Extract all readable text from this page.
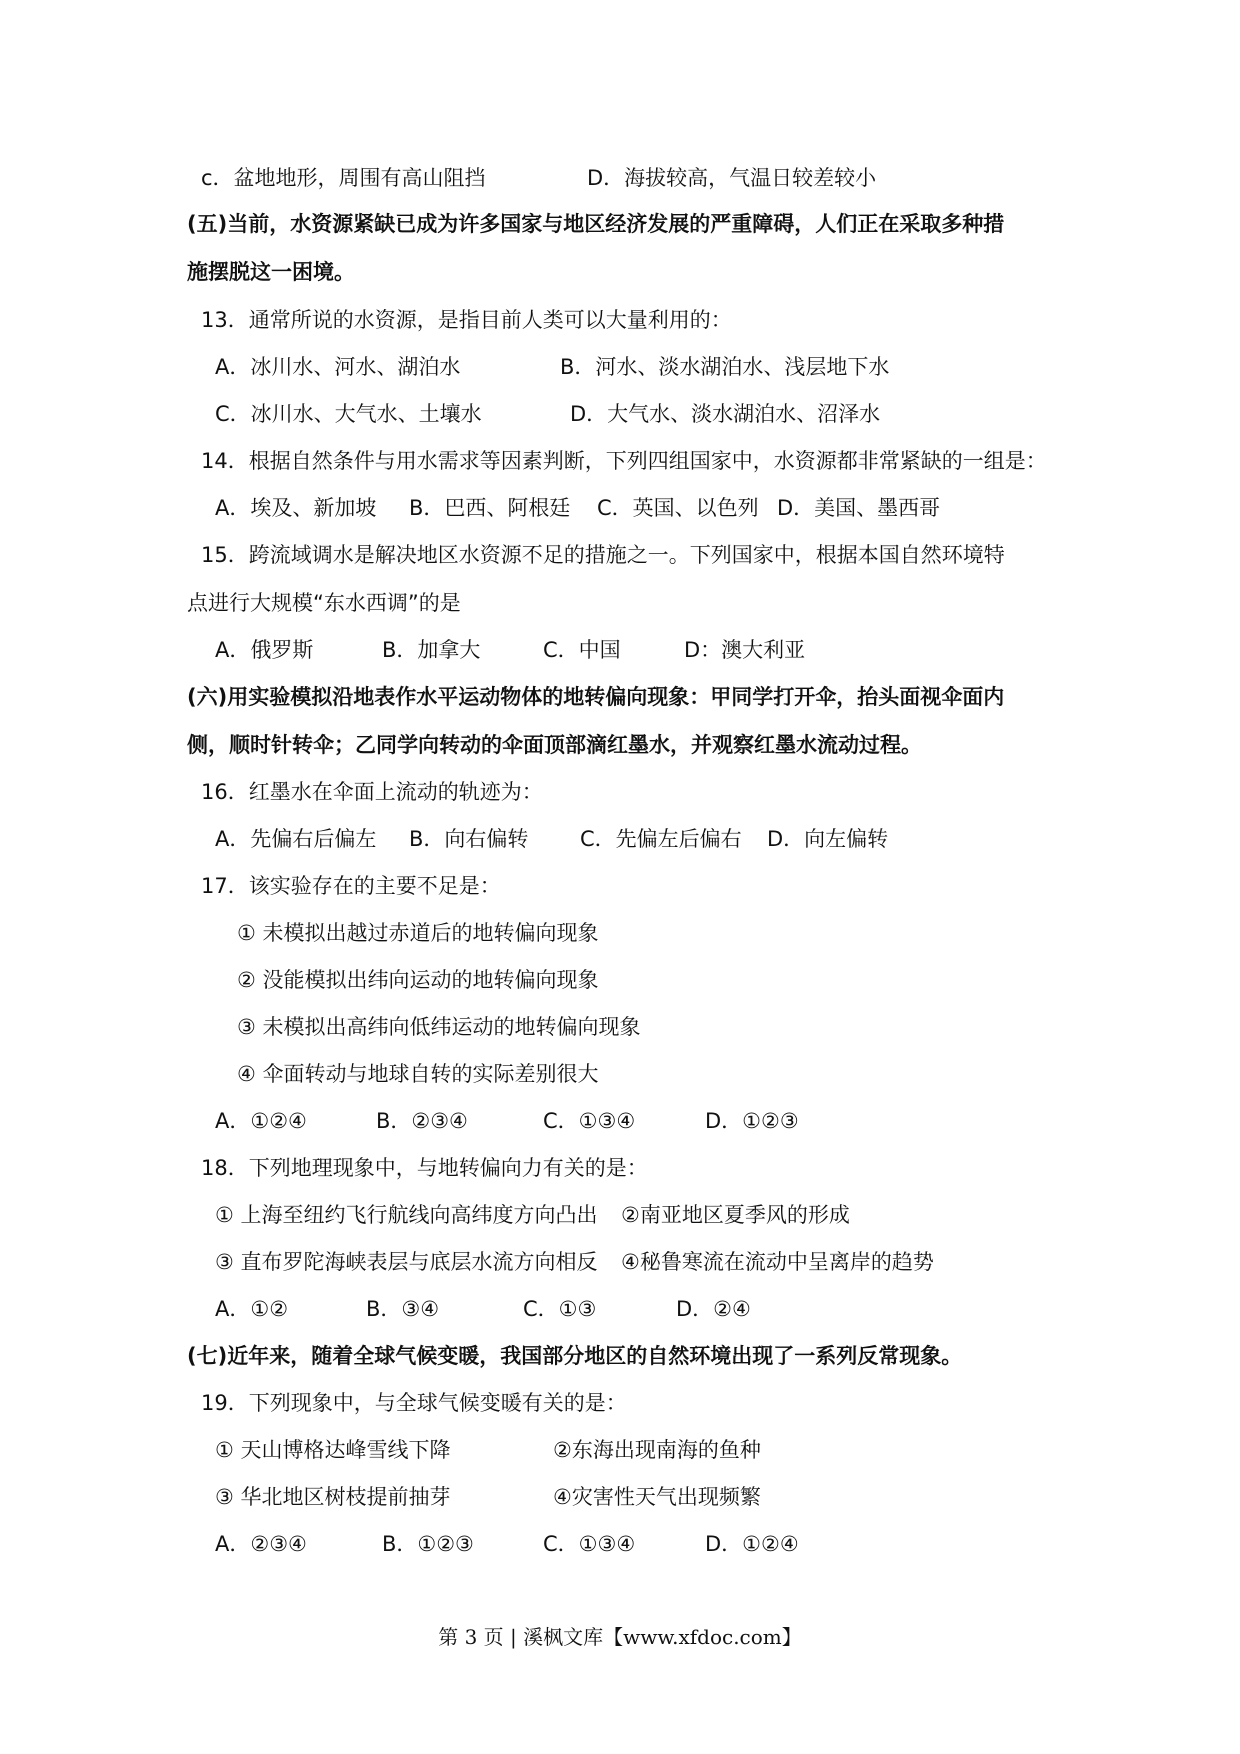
c．盆地地形，周围有高山阻挡

	D．海拔较高，气温日较差较小

(五)当前，水资源紧缺已成为许多国家与地区经济发展的严重障碍，人们正在采取多种措
施摆脱这一困境。
13．通常所说的水资源，是指目前人类可以大量利用的：

A．冰川水、河水、湖泊水

	B．河水、淡水湖泊水、浅层地下水

C．冰川水、大气水、土壤水

	D．大气水、淡水湖泊水、沼泽水

14．根据自然条件与用水需求等因素判断，下列四组国家中，水资源都非常紧缺的一组是：

A．埃及、新加坡

B．巴西、阿根廷

C．英国、以色列

D．美国、墨西哥

15．跨流域调水是解决地区水资源不足的措施之一。下列国家中，根据本国自然环境特
点进行大规模“东水西调”的是

A．俄罗斯

	B．加拿大

	C．中国

	D：澳大利亚

(六)用实验模拟沿地表作水平运动物体的地转偏向现象：甲同学打开伞，抬头面视伞面内
侧，顺时针转伞；乙同学向转动的伞面顶部滴红墨水，并观察红墨水流动过程。
16．红墨水在伞面上流动的轨迹为：

A．先偏右后偏左

B．向右偏转

C．先偏左后偏右

D．向左偏转

17．该实验存在的主要不足是：
① 未模拟出越过赤道后的地转偏向现象
② 没能模拟出纬向运动的地转偏向现象
③ 未模拟出高纬向低纬运动的地转偏向现象
④ 伞面转动与地球自转的实际差别很大

A．①②④

	B．②③④

	C．①③④

	D．①②③

18．下列地理现象中，与地转偏向力有关的是：

① 上海至纽约飞行航线向高纬度方向凸出

②南亚地区夏季风的形成

③ 直布罗陀海峡表层与底层水流方向相反

④秘鲁寒流在流动中呈离岸的趋势

A．①②

	B．③④

	C．①③

	D．②④

(七)近年来，随着全球气候变暖，我国部分地区的自然环境出现了一系列反常现象。
19．下列现象中，与全球气候变暖有关的是：

① 天山博格达峰雪线下降

	②东海出现南海的鱼种

③ 华北地区树枝提前抽芽

	④灾害性天气出现频繁

A．②③④

	B．①②③

	C．①③④

	D．①②④

第 3 页 | 溪枫文库【www.xfdoc.com】
